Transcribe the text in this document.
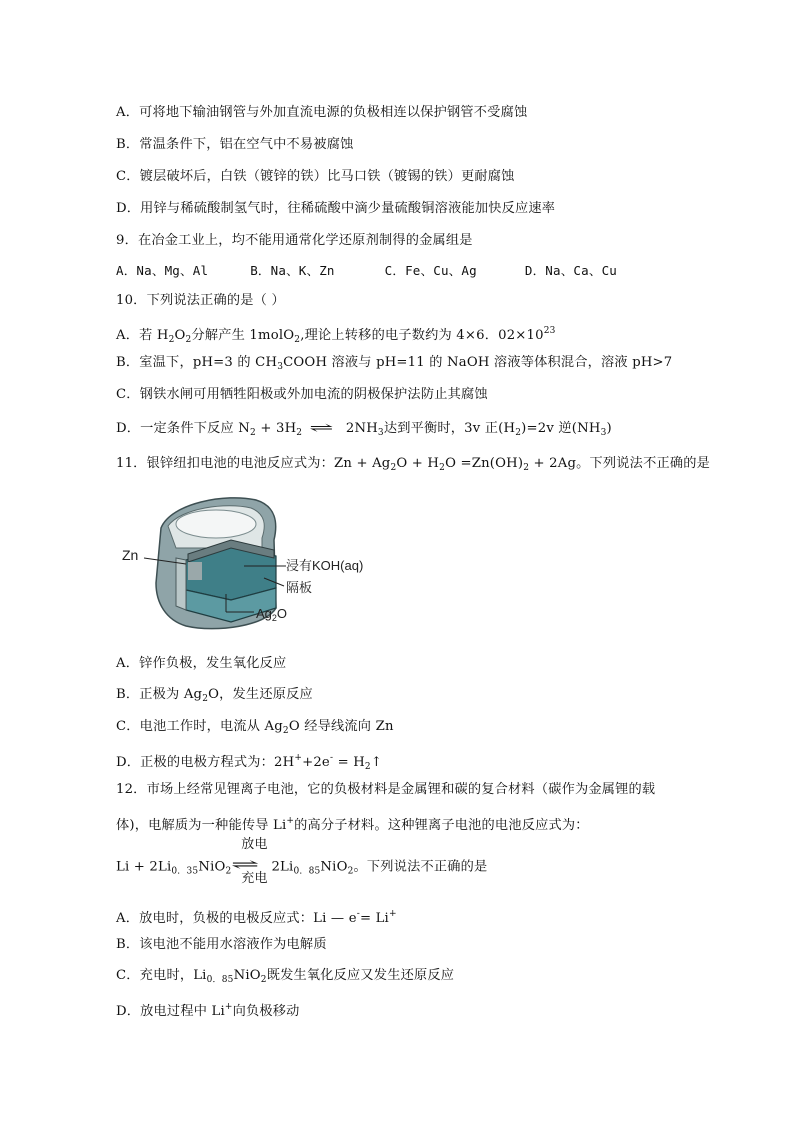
A．可将地下输油钢管与外加直流电源的负极相连以保护钢管不受腐蚀
B．常温条件下，铝在空气中不易被腐蚀
C．镀层破坏后，白铁（镀锌的铁）比马口铁（镀锡的铁）更耐腐蚀
D．用锌与稀硫酸制氢气时，往稀硫酸中滴少量硫酸铜溶液能加快反应速率
9．在冶金工业上，均不能用通常化学还原剂制得的金属组是
A．Na、Mg、Al	B．Na、K、Zn	C．Fe、Cu、Ag	D．Na、Ca、Cu
10．下列说法正确的是（ ）
A．若 $H_2O_2$分解产生 1molO$_2$,理论上转移的电子数约为 4×6．$02\times 10^{23}$
B．室温下，pH=3 的 $CH_3COOH$ 溶液与 pH=11 的 NaOH 溶液等体积混合，溶液 pH>7
C．钢铁水闸可用牺牲阳极或外加电流的阴极保护法防止其腐蚀
D．一定条件下反应 $N_2 + 3H_2$ ⇌ $2NH_3$达到平衡时，3v 正$(H_2)=2v$ 逆$(NH_3)$
11．银锌纽扣电池的电池反应式为：$Zn + Ag_2O + H_2O =Zn(OH)_2 + 2Ag$。下列说法不正确的是
Zn
浸有KOH(aq)
隔板
$Ag_2O$
A．锌作负极，发生氧化反应
B．正极为 $Ag_2O$，发生还原反应
C．电池工作时，电流从 $Ag_2O$ 经导线流向 Zn
D．正极的电极方程式为：$2H^++2e^- = H_2↑$
12．市场上经常见锂离子电池，它的负极材料是金属锂和碳的复合材料（碳作为金属锂的载
体)，电解质为一种能传导 Li+的高分子材料。这种锂离子电池的电池反应式为：
$Li + 2Li_{0.35}NiO_2$
放电
⇌
充电
$2Li_{0.85}NiO_2$。下列说法不正确的是
A．放电时，负极的电极反应式：Li — e-= Li+
B．该电池不能用水溶液作为电解质
C．充电时，$Li_{0.85}NiO_2$既发生氧化反应又发生还原反应
D．放电过程中 Li+向负极移动
